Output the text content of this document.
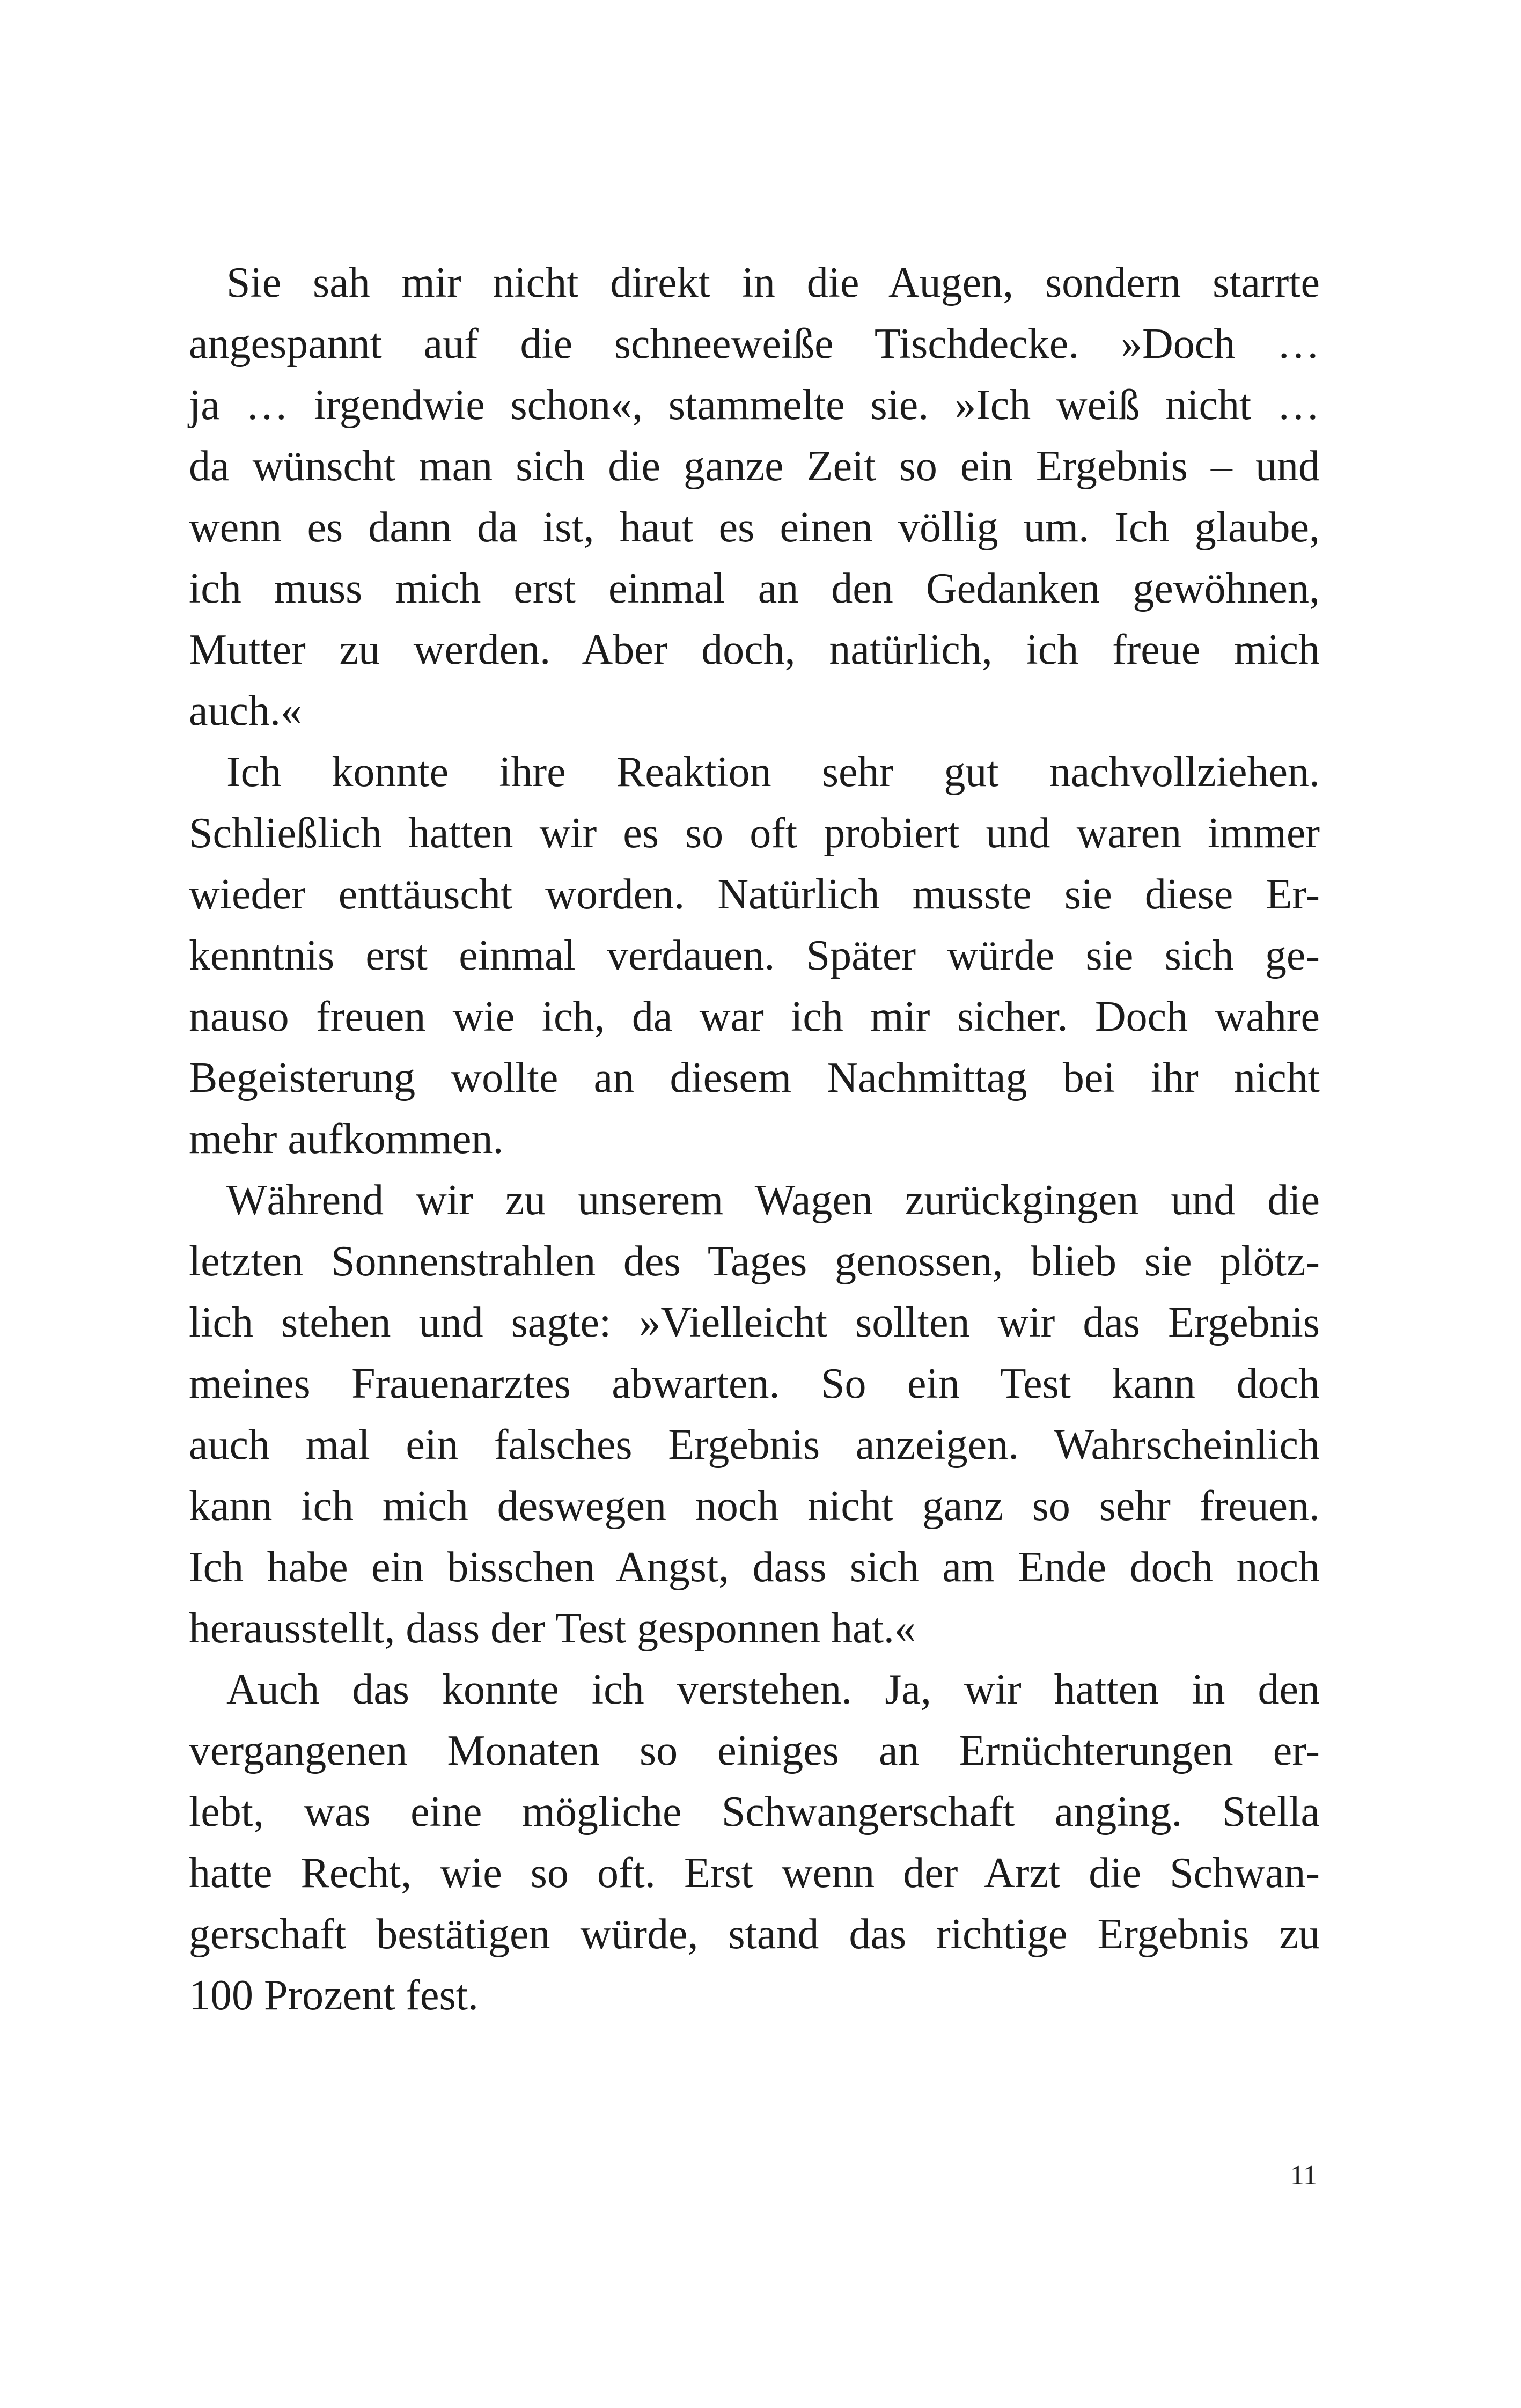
Sie sah mir nicht direkt in die Augen, sondern starrte
angespannt auf die schneeweiße Tischdecke. »Doch …
ja … irgendwie schon«, stammelte sie. »Ich weiß nicht …
da wünscht man sich die ganze Zeit so ein Ergebnis – und
wenn es dann da ist, haut es einen völlig um. Ich glaube,
ich muss mich erst einmal an den Gedanken gewöhnen,
Mutter zu werden. Aber doch, natürlich, ich freue mich
auch.«
Ich konnte ihre Reaktion sehr gut nachvollziehen.
Schließlich hatten wir es so oft probiert und waren immer
wieder enttäuscht worden. Natürlich musste sie diese Er-
kenntnis erst einmal verdauen. Später würde sie sich ge-
nauso freuen wie ich, da war ich mir sicher. Doch wahre
Begeisterung wollte an diesem Nachmittag bei ihr nicht
mehr aufkommen.
Während wir zu unserem Wagen zurückgingen und die
letzten Sonnenstrahlen des Tages genossen, blieb sie plötz-
lich stehen und sagte: »Vielleicht sollten wir das Ergebnis
meines Frauenarztes abwarten. So ein Test kann doch
auch mal ein falsches Ergebnis anzeigen. Wahrscheinlich
kann ich mich deswegen noch nicht ganz so sehr freuen.
Ich habe ein bisschen Angst, dass sich am Ende doch noch
herausstellt, dass der Test gesponnen hat.«
Auch das konnte ich verstehen. Ja, wir hatten in den
vergangenen Monaten so einiges an Ernüchterungen er-
lebt, was eine mögliche Schwangerschaft anging. Stella
hatte Recht, wie so oft. Erst wenn der Arzt die Schwan-
gerschaft bestätigen würde, stand das richtige Ergebnis zu
100 Prozent fest.
11
